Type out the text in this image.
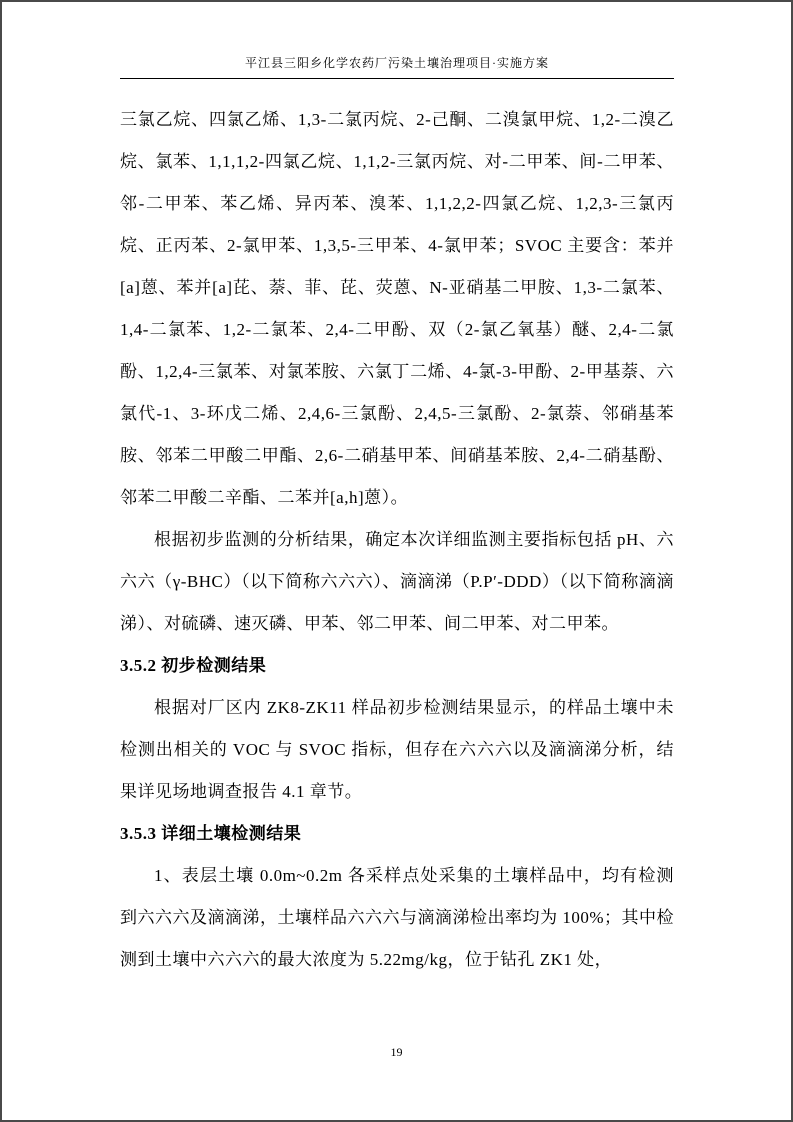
平江县三阳乡化学农药厂污染土壤治理项目·实施方案

三氯乙烷、四氯乙烯、1,3-二氯丙烷、2-己酮、二溴氯甲烷、1,2-二溴乙烷、氯苯、1,1,1,2-四氯乙烷、1,1,2-三氯丙烷、对-二甲苯、间-二甲苯、邻-二甲苯、苯乙烯、异丙苯、溴苯、1,1,2,2-四氯乙烷、1,2,3-三氯丙烷、正丙苯、2-氯甲苯、1,3,5-三甲苯、4-氯甲苯；SVOC 主要含：苯并[a]蒽、苯并[a]芘、萘、菲、芘、荧蒽、N-亚硝基二甲胺、1,3-二氯苯、1,4-二氯苯、1,2-二氯苯、2,4-二甲酚、双（2-氯乙氧基）醚、2,4-二氯酚、1,2,4-三氯苯、对氯苯胺、六氯丁二烯、4-氯-3-甲酚、2-甲基萘、六氯代-1、3-环戊二烯、2,4,6-三氯酚、2,4,5-三氯酚、2-氯萘、邻硝基苯胺、邻苯二甲酸二甲酯、2,6-二硝基甲苯、间硝基苯胺、2,4-二硝基酚、邻苯二甲酸二辛酯、二苯并[a,h]蒽）。

根据初步监测的分析结果，确定本次详细监测主要指标包括 pH、六六六（γ-BHC）（以下简称六六六）、滴滴涕（P.P′-DDD）（以下简称滴滴涕）、对硫磷、速灭磷、甲苯、邻二甲苯、间二甲苯、对二甲苯。

3.5.2 初步检测结果

根据对厂区内 ZK8-ZK11 样品初步检测结果显示，的样品土壤中未检测出相关的 VOC 与 SVOC 指标，但存在六六六以及滴滴涕分析，结果详见场地调查报告 4.1 章节。

3.5.3 详细土壤检测结果

1、表层土壤 0.0m~0.2m 各采样点处采集的土壤样品中，均有检测到六六六及滴滴涕，土壤样品六六六与滴滴涕检出率均为 100%；其中检测到土壤中六六六的最大浓度为 5.22mg/kg，位于钻孔 ZK1 处，

19
